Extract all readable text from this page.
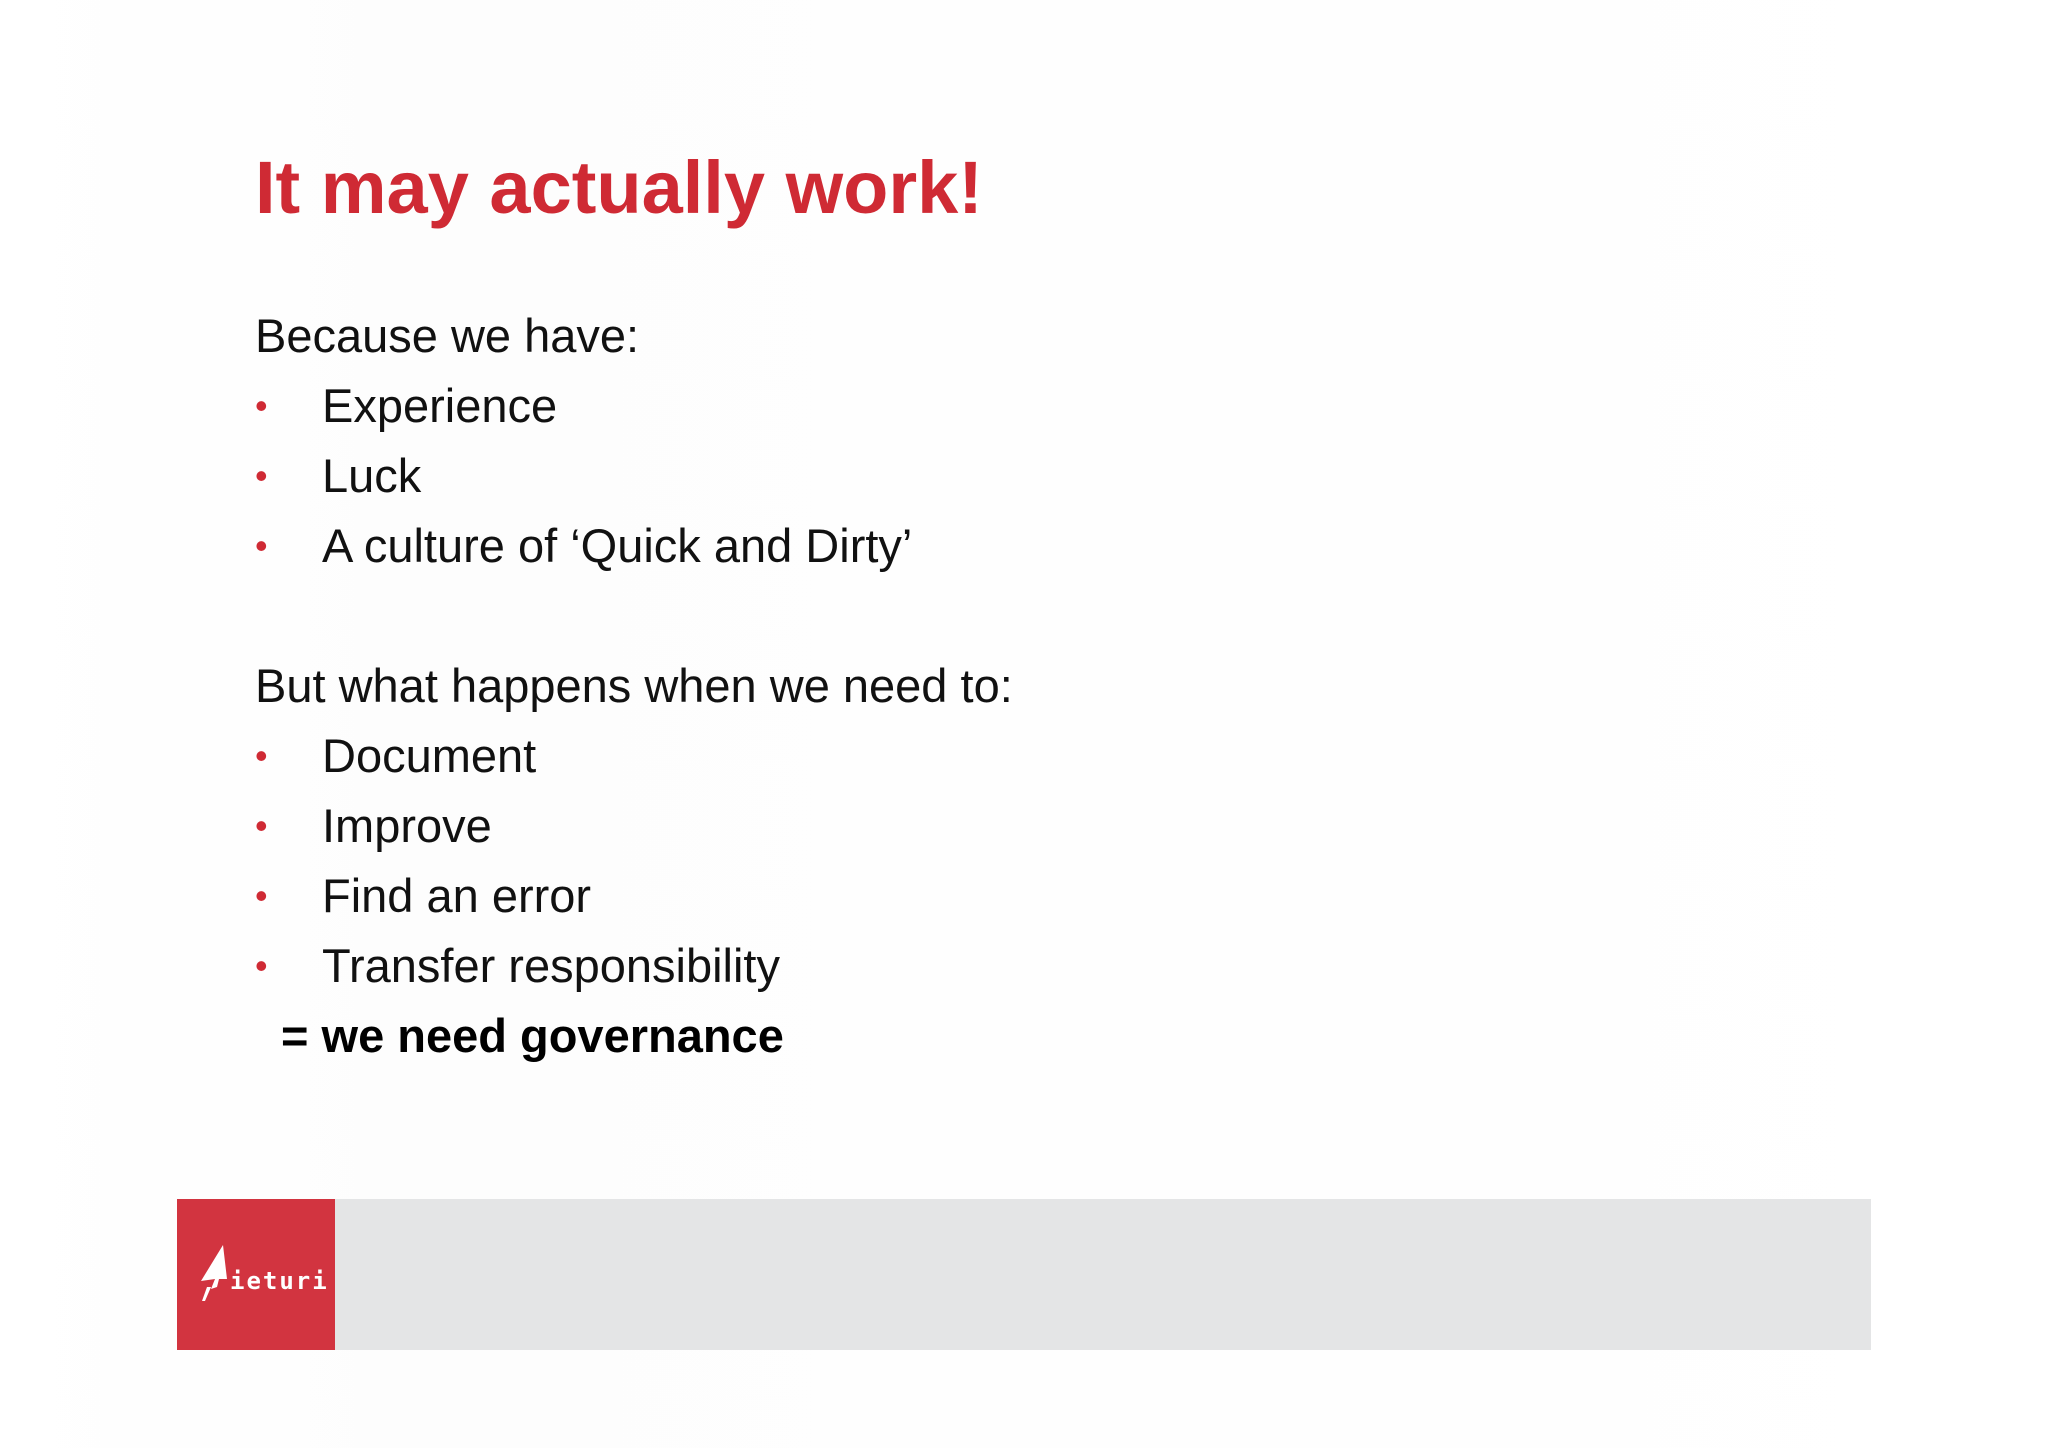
It may actually work!

Because we have:

• Experience
• Luck
• A culture of ‘Quick and Dirty’

But what happens when we need to:

• Document
• Improve
• Find an error
• Transfer responsibility

= we need governance

ieturi
